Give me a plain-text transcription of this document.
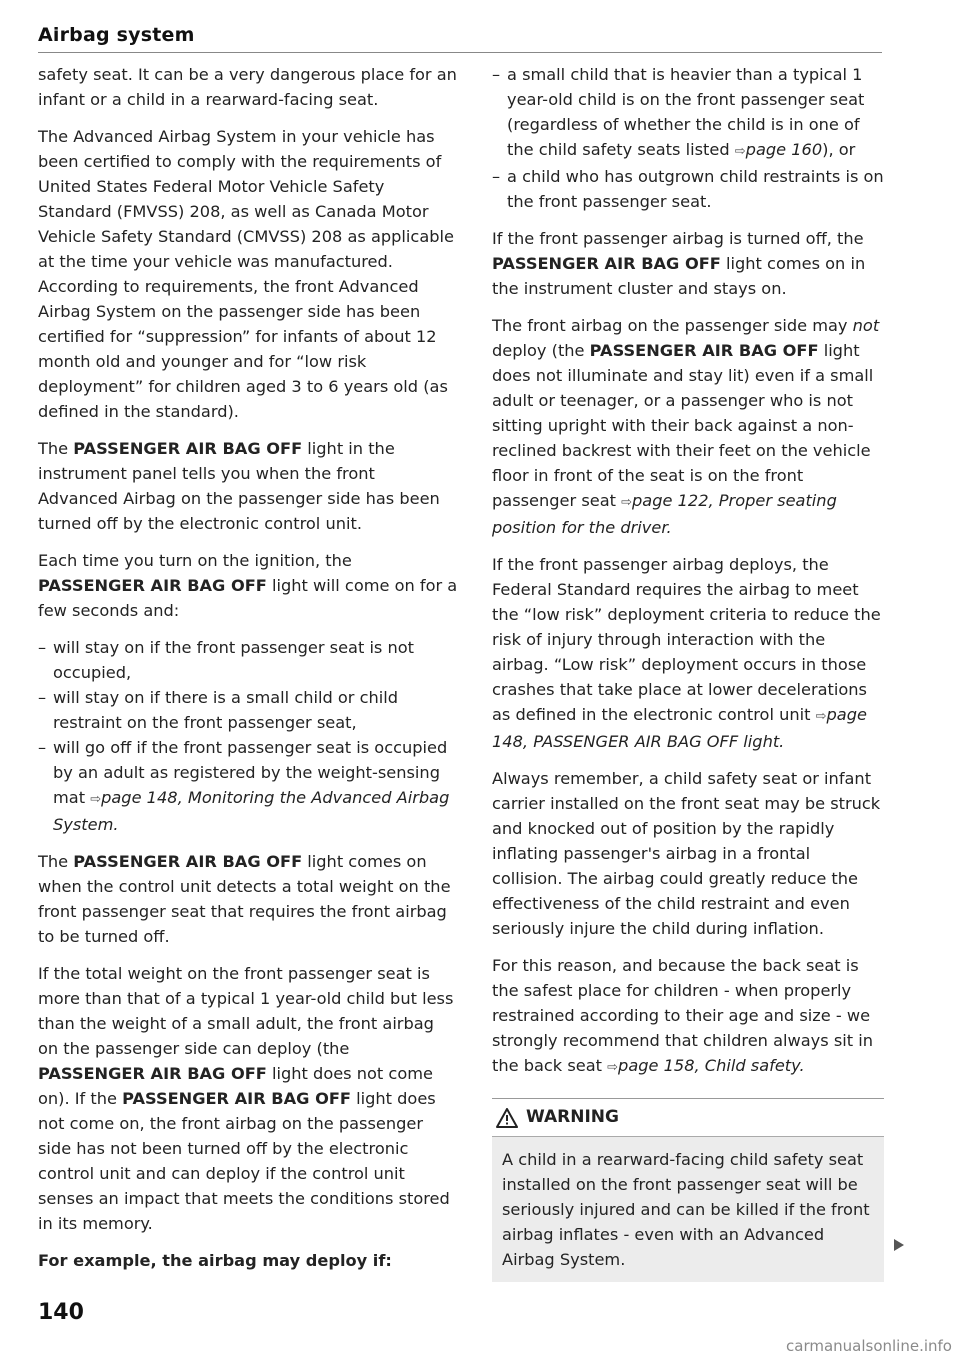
Airbag system

safety seat. It can be a very dangerous place for an infant or a child in a rearward-facing seat.

The Advanced Airbag System in your vehicle has been certified to comply with the requirements of United States Federal Motor Vehicle Safety Standard (FMVSS) 208, as well as Canada Motor Vehicle Safety Standard (CMVSS) 208 as applicable at the time your vehicle was manufactured. According to requirements, the front Advanced Airbag System on the passenger side has been certified for “suppression” for infants of about 12 month old and younger and for “low risk deployment” for children aged 3 to 6 years old (as defined in the standard).

The PASSENGER AIR BAG OFF light in the instrument panel tells you when the front Advanced Airbag on the passenger side has been turned off by the electronic control unit.

Each time you turn on the ignition, the PASSENGER AIR BAG OFF light will come on for a few seconds and:

– will stay on if the front passenger seat is not occupied,
– will stay on if there is a small child or child restraint on the front passenger seat,
– will go off if the front passenger seat is occupied by an adult as registered by the weight-sensing mat ⇨page 148, Monitoring the Advanced Airbag System.

The PASSENGER AIR BAG OFF light comes on when the control unit detects a total weight on the front passenger seat that requires the front airbag to be turned off.

If the total weight on the front passenger seat is more than that of a typical 1 year-old child but less than the weight of a small adult, the front airbag on the passenger side can deploy (the PASSENGER AIR BAG OFF light does not come on). If the PASSENGER AIR BAG OFF light does not come on, the front airbag on the passenger side has not been turned off by the electronic control unit and can deploy if the control unit senses an impact that meets the conditions stored in its memory.

For example, the airbag may deploy if:

– a small child that is heavier than a typical 1 year-old child is on the front passenger seat (regardless of whether the child is in one of the child safety seats listed ⇨page 160), or
– a child who has outgrown child restraints is on the front passenger seat.

If the front passenger airbag is turned off, the PASSENGER AIR BAG OFF light comes on in the instrument cluster and stays on.

The front airbag on the passenger side may not deploy (the PASSENGER AIR BAG OFF light does not illuminate and stay lit) even if a small adult or teenager, or a passenger who is not sitting upright with their back against a non-reclined backrest with their feet on the vehicle floor in front of the seat is on the front passenger seat ⇨page 122, Proper seating position for the driver.

If the front passenger airbag deploys, the Federal Standard requires the airbag to meet the “low risk” deployment criteria to reduce the risk of injury through interaction with the airbag. “Low risk” deployment occurs in those crashes that take place at lower decelerations as defined in the electronic control unit ⇨page 148, PASSENGER AIR BAG OFF light.

Always remember, a child safety seat or infant carrier installed on the front seat may be struck and knocked out of position by the rapidly inflating passenger's airbag in a frontal collision. The airbag could greatly reduce the effectiveness of the child restraint and even seriously injure the child during inflation.

For this reason, and because the back seat is the safest place for children - when properly restrained according to their age and size - we strongly recommend that children always sit in the back seat ⇨page 158, Child safety.

WARNING
A child in a rearward-facing child safety seat installed on the front passenger seat will be seriously injured and can be killed if the front airbag inflates - even with an Advanced Airbag System.
140
carmanualsonline.info
